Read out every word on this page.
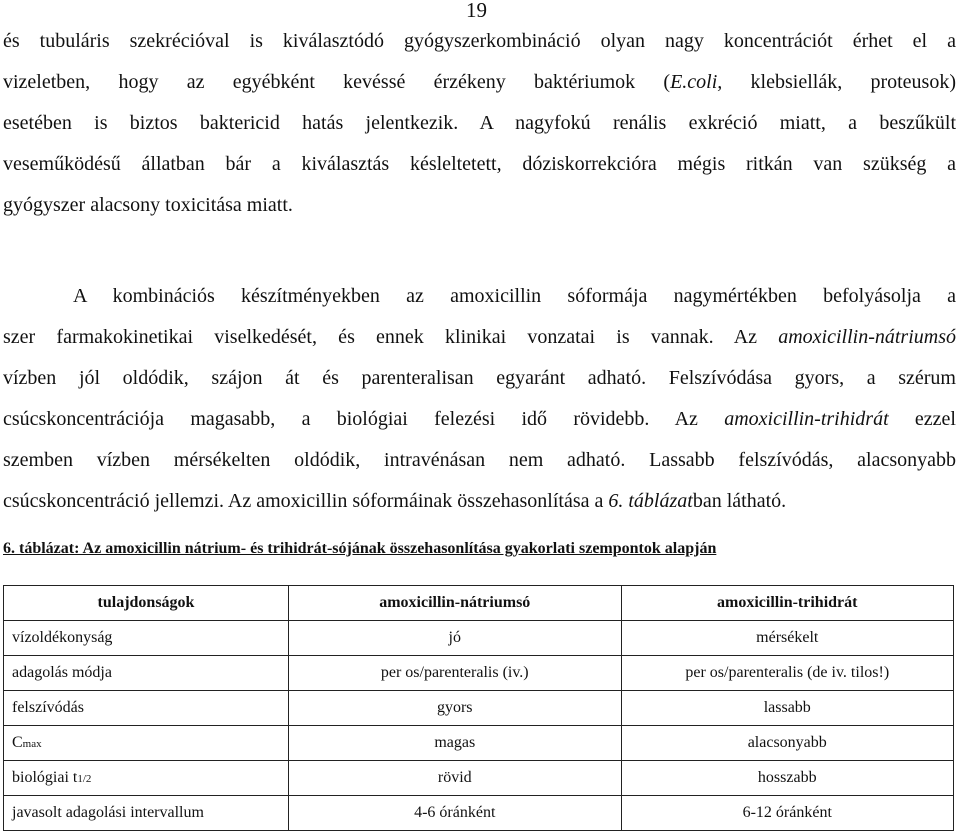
19
és tubuláris szekrécióval is kiválasztódó gyógyszerkombináció olyan nagy koncentrációt érhet el a
vizeletben, hogy az egyébként kevéssé érzékeny baktériumok (E.coli, klebsiellák, proteusok)
esetében is biztos baktericid hatás jelentkezik. A nagyfokú renális exkréció miatt, a beszűkült
veseműködésű állatban bár a kiválasztás késleltetett, dóziskorrekcióra mégis ritkán van szükség a
gyógyszer alacsony toxicitása miatt.
A kombinációs készítményekben az amoxicillin sóformája nagymértékben befolyásolja a
szer farmakokinetikai viselkedését, és ennek klinikai vonzatai is vannak. Az amoxicillin-nátriumsó
vízben jól oldódik, szájon át és parenteralisan egyaránt adható. Felszívódása gyors, a szérum
csúcskoncentrációja magasabb, a biológiai felezési idő rövidebb. Az amoxicillin-trihidrát ezzel
szemben vízben mérsékelten oldódik, intravénásan nem adható. Lassabb felszívódás, alacsonyabb
csúcskoncentráció jellemzi. Az amoxicillin sóformáinak összehasonlítása a 6. táblázatban látható.
6. táblázat: Az amoxicillin nátrium- és trihidrát-sójának összehasonlítása gyakorlati szempontok alapján
tulajdonságok	amoxicillin-nátriumsó	amoxicillin-trihidrát
vízoldékonyság	jó	mérsékelt
adagolás módja	per os/parenteralis (iv.)	per os/parenteralis (de iv. tilos!)
felszívódás	gyors	lassabb
Cmax	magas	alacsonyabb
biológiai t1/2	rövid	hosszabb
javasolt adagolási intervallum	4-6 óránként	6-12 óránként
